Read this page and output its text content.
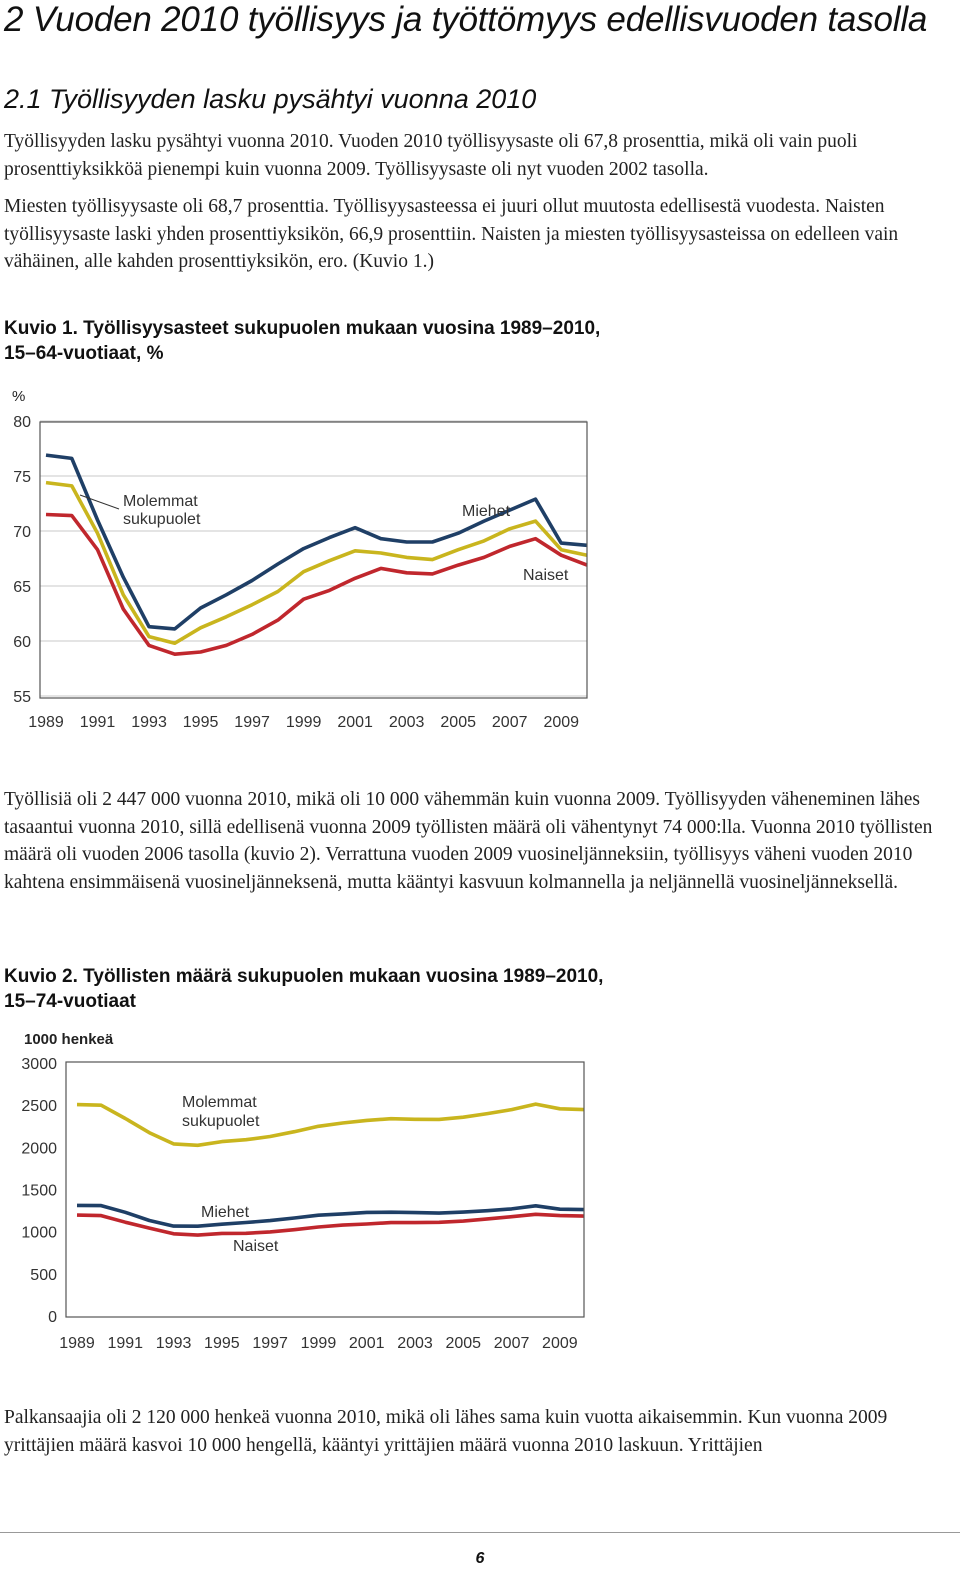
2 Vuoden 2010 työllisyys ja työttömyys edellisvuoden tasolla
2.1 Työllisyyden lasku pysähtyi vuonna 2010

Työllisyyden lasku pysähtyi vuonna 2010. Vuoden 2010 työllisyysaste oli 67,8 prosenttia, mikä oli vain puoli prosenttiyksikköä pienempi kuin vuonna 2009. Työllisyysaste oli nyt vuoden 2002 tasolla.

Miesten työllisyysaste oli 68,7 prosenttia. Työllisyysasteessa ei juuri ollut muutosta edellisestä vuodesta. Naisten työllisyysaste laski yhden prosenttiyksikön, 66,9 prosenttiin. Naisten ja miesten työllisyysasteissa on edelleen vain vähäinen, alle kahden prosenttiyksikön, ero. (Kuvio 1.)

Kuvio 1. Työllisyysasteet sukupuolen mukaan vuosina 1989–2010,
15–64-vuotiaat, %

%
55
60
65
70
75
80
1989 1991 1993 1995 1997 1999 2001 2003 2005 2007 2009
Molemmat
sukupuolet	Miehet
Naiset

Työllisiä oli 2 447 000 vuonna 2010, mikä oli 10 000 vähemmän kuin vuonna 2009. Työllisyyden väheneminen lähes tasaantui vuonna 2010, sillä edellisenä vuonna 2009 työllisten määrä oli vähentynyt 74 000:lla. Vuonna 2010 työllisten määrä oli vuoden 2006 tasolla (kuvio 2). Verrattuna vuoden 2009 vuosineljänneksiin, työllisyys väheni vuoden 2010 kahtena ensimmäisenä vuosineljänneksenä, mutta kääntyi kasvuun kolmannella ja neljännellä vuosineljänneksellä.

Kuvio 2. Työllisten määrä sukupuolen mukaan vuosina 1989–2010,
15–74-vuotiaat

1000 henkeä
0
500
1000
1500
2000
2500
3000
1989 1991 1993 1995 1997 1999 2001 2003 2005 2007 2009
Molemmat
sukupuolet
Miehet
Naiset

Palkansaajia oli 2 120 000 henkeä vuonna 2010, mikä oli lähes sama kuin vuotta aikaisemmin. Kun vuonna 2009 yrittäjien määrä kasvoi 10 000 hengellä, kääntyi yrittäjien määrä vuonna 2010 laskuun. Yrittäjien

6
